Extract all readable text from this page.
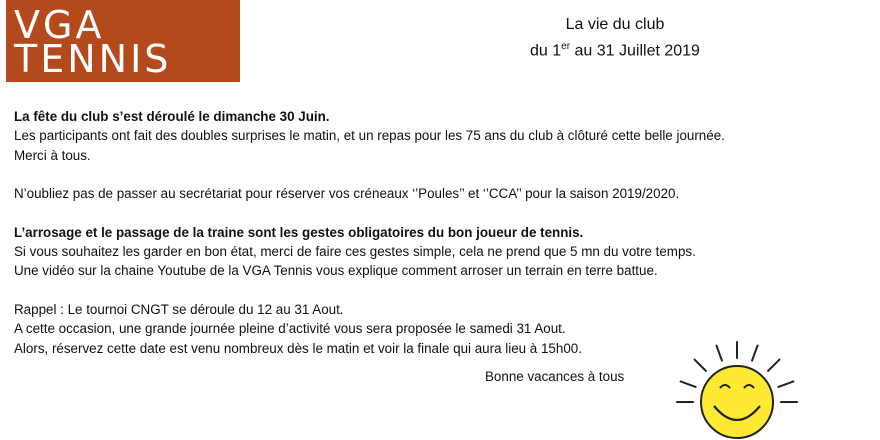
VGA
TENNIS
La vie du club
du 1er au 31 Juillet 2019

La fête du club s’est déroulé le dimanche 30 Juin.

Les participants ont fait des doubles surprises le matin, et un repas pour les 75 ans du club à clôturé cette belle journée.

Merci à tous.

N’oubliez pas de passer au secrétariat pour réserver vos créneaux ‘’Poules’’ et ‘’CCA’’ pour la saison 2019/2020.

L’arrosage et le passage de la traine sont les gestes obligatoires du bon joueur de tennis.

Si vous souhaitez les garder en bon état, merci de faire ces gestes simple, cela ne prend que 5 mn du votre temps.

Une vidéo sur la chaine Youtube de la VGA Tennis vous explique comment arroser un terrain en terre battue.

Rappel : Le tournoi CNGT se déroule du 12 au 31 Aout.

A cette occasion, une grande journée pleine d’activité vous sera proposée le samedi 31 Aout.

Alors, réservez cette date est venu nombreux dès le matin et voir la finale qui aura lieu à 15h00.

Bonne vacances à tous
